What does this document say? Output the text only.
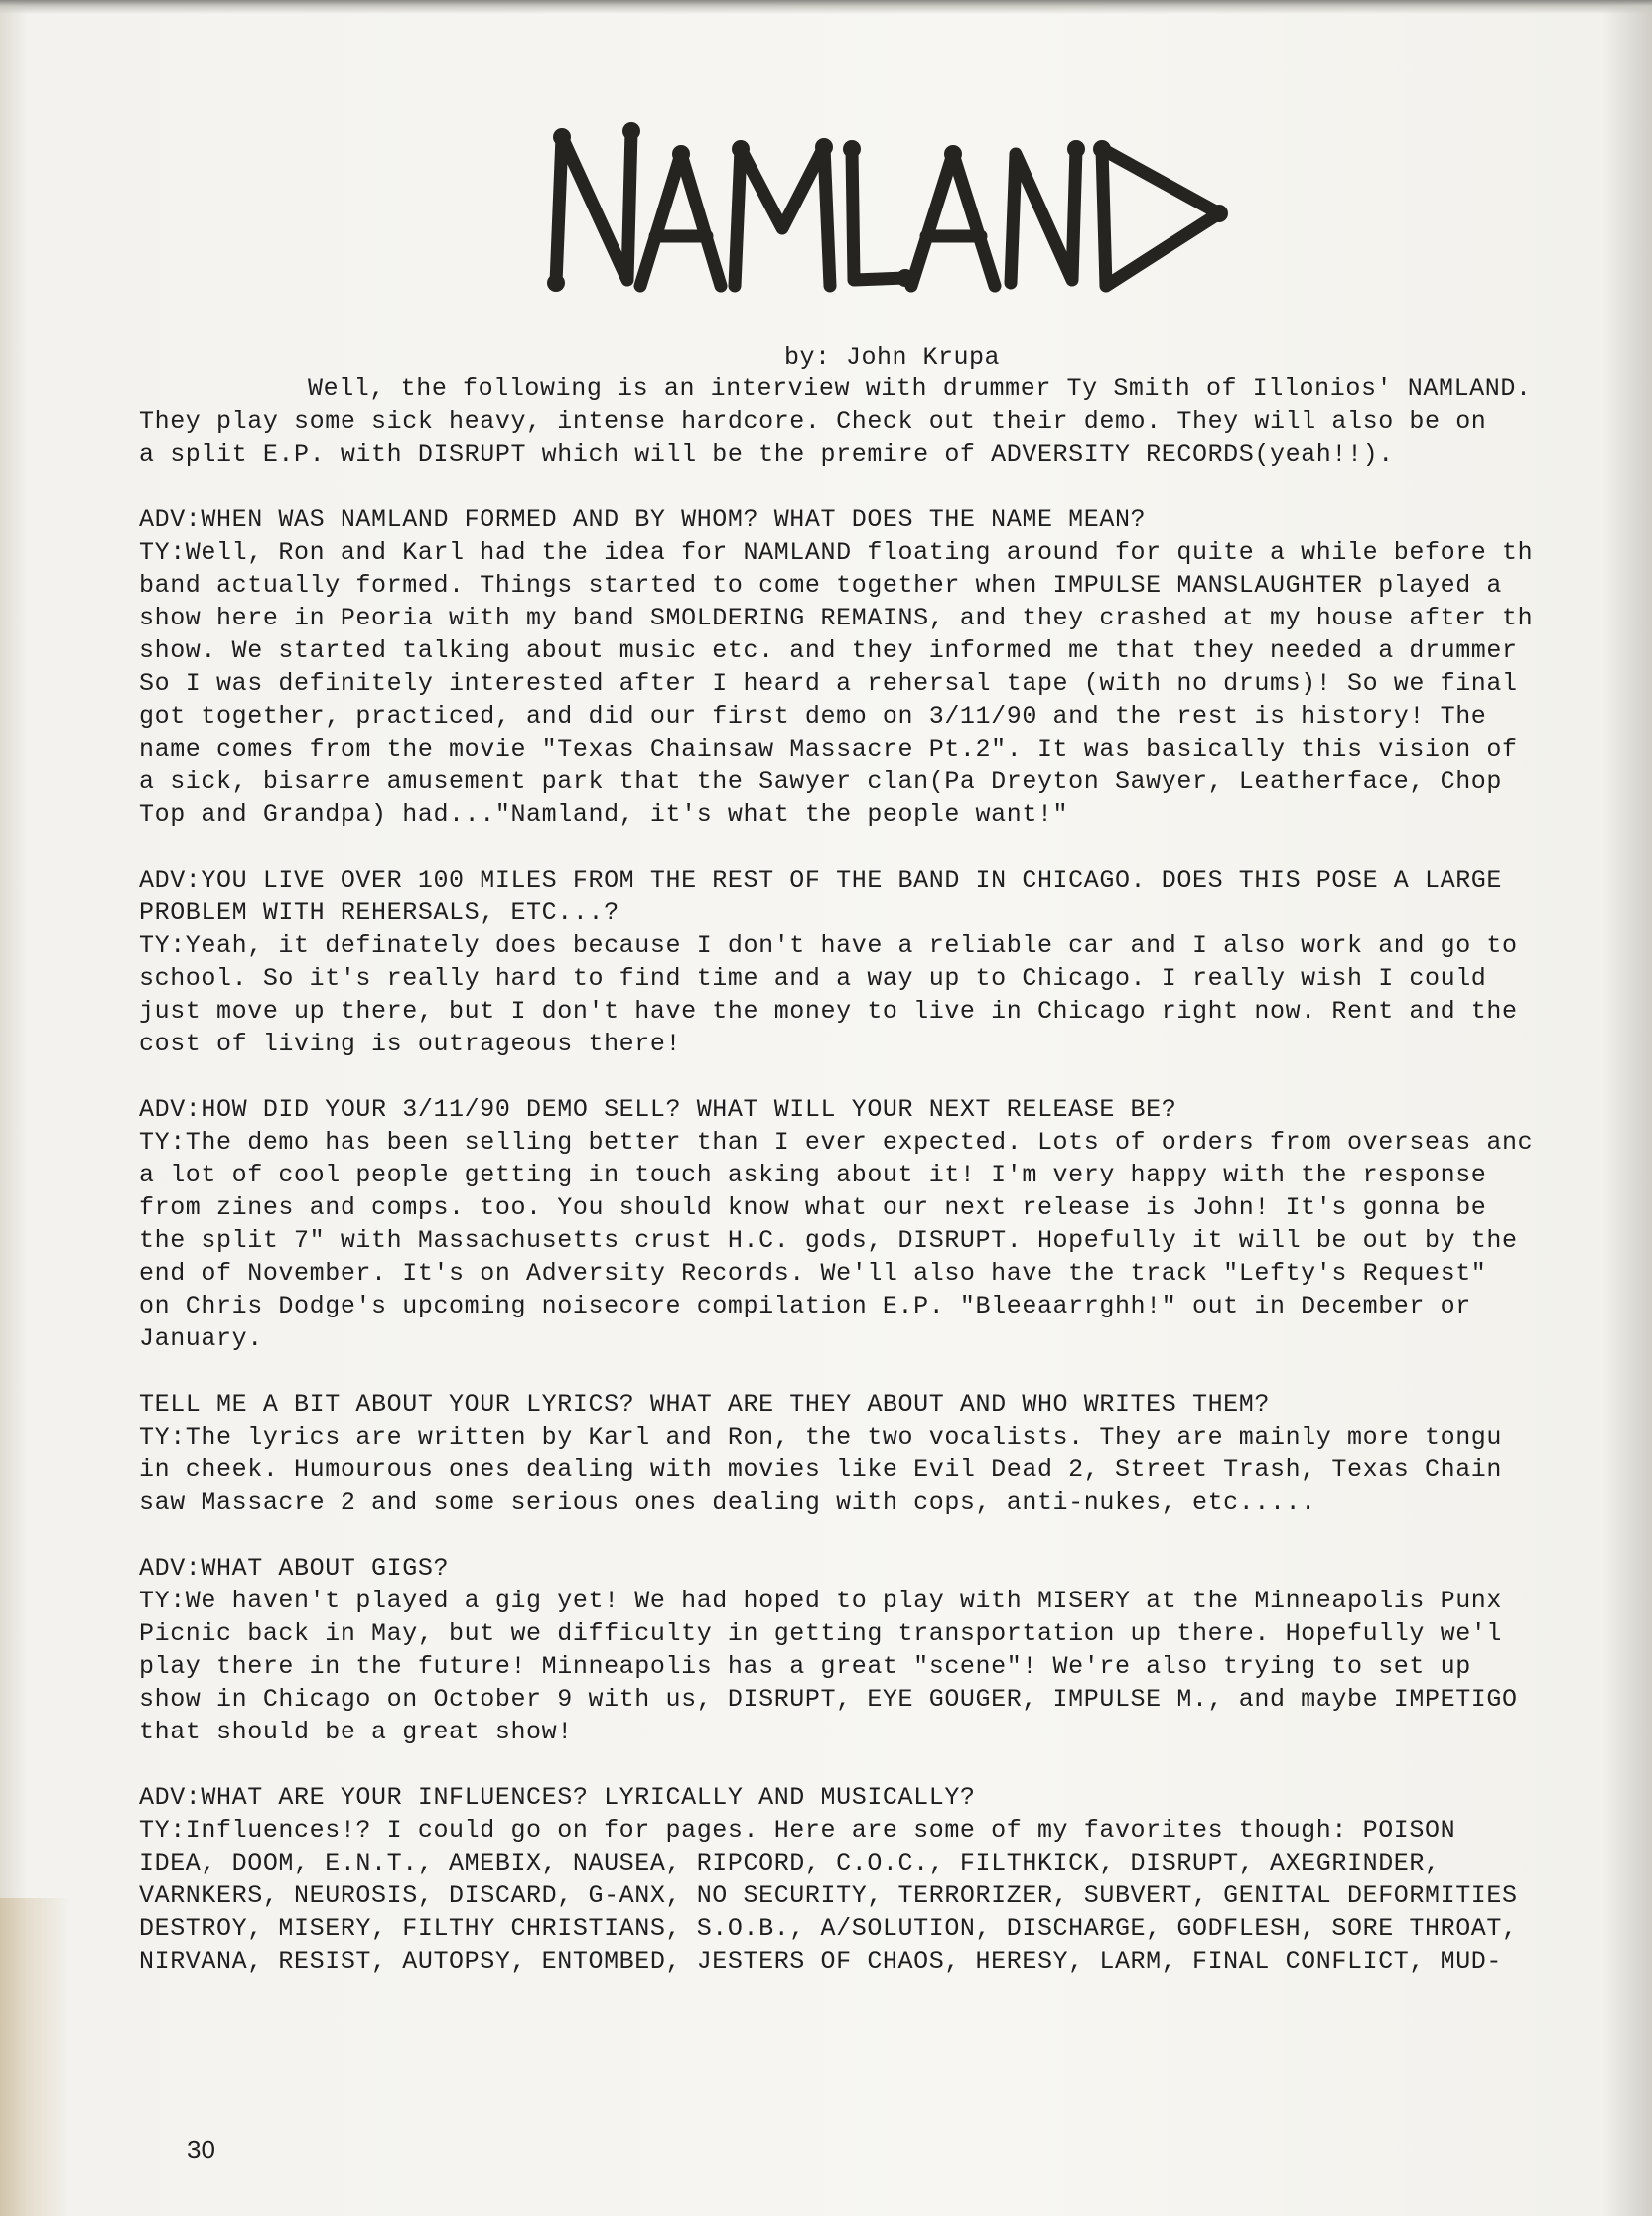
by: John Krupa
Well, the following is an interview with drummer Ty Smith of Illonios' NAMLAND.
They play some sick heavy, intense hardcore. Check out their demo. They will also be on
a split E.P. with DISRUPT which will be the premire of ADVERSITY RECORDS(yeah!!).
ADV:WHEN WAS NAMLAND FORMED AND BY WHOM? WHAT DOES THE NAME MEAN?
TY:Well, Ron and Karl had the idea for NAMLAND floating around for quite a while before th
band actually formed. Things started to come together when IMPULSE MANSLAUGHTER played a
show here in Peoria with my band SMOLDERING REMAINS, and they crashed at my house after th
show. We started talking about music etc. and they informed me that they needed a drummer
So I was definitely interested after I heard a rehersal tape (with no drums)! So we final
got together, practiced, and did our first demo on 3/11/90 and the rest is history! The
name comes from the movie "Texas Chainsaw Massacre Pt.2". It was basically this vision of
a sick, bisarre amusement park that the Sawyer clan(Pa Dreyton Sawyer, Leatherface, Chop
Top and Grandpa) had..."Namland, it's what the people want!"
ADV:YOU LIVE OVER 100 MILES FROM THE REST OF THE BAND IN CHICAGO. DOES THIS POSE A LARGE
PROBLEM WITH REHERSALS, ETC...?
TY:Yeah, it definately does because I don't have a reliable car and I also work and go to
school. So it's really hard to find time and a way up to Chicago. I really wish I could
just move up there, but I don't have the money to live in Chicago right now. Rent and the
cost of living is outrageous there!
ADV:HOW DID YOUR 3/11/90 DEMO SELL? WHAT WILL YOUR NEXT RELEASE BE?
TY:The demo has been selling better than I ever expected. Lots of orders from overseas anc
a lot of cool people getting in touch asking about it! I'm very happy with the response
from zines and comps. too. You should know what our next release is John! It's gonna be
the split 7" with Massachusetts crust H.C. gods, DISRUPT. Hopefully it will be out by the
end of November. It's on Adversity Records. We'll also have the track "Lefty's Request"
on Chris Dodge's upcoming noisecore compilation E.P. "Bleeaarrghh!" out in December or
January.
TELL ME A BIT ABOUT YOUR LYRICS? WHAT ARE THEY ABOUT AND WHO WRITES THEM?
TY:The lyrics are written by Karl and Ron, the two vocalists. They are mainly more tongu
in cheek. Humourous ones dealing with movies like Evil Dead 2, Street Trash, Texas Chain
saw Massacre 2 and some serious ones dealing with cops, anti-nukes, etc.....
ADV:WHAT ABOUT GIGS?
TY:We haven't played a gig yet! We had hoped to play with MISERY at the Minneapolis Punx
Picnic back in May, but we difficulty in getting transportation up there. Hopefully we'l
play there in the future! Minneapolis has a great "scene"! We're also trying to set up
show in Chicago on October 9 with us, DISRUPT, EYE GOUGER, IMPULSE M., and maybe IMPETIGO
that should be a great show!
ADV:WHAT ARE YOUR INFLUENCES? LYRICALLY AND MUSICALLY?
TY:Influences!? I could go on for pages. Here are some of my favorites though: POISON
IDEA, DOOM, E.N.T., AMEBIX, NAUSEA, RIPCORD, C.O.C., FILTHKICK, DISRUPT, AXEGRINDER,
VARNKERS, NEUROSIS, DISCARD, G-ANX, NO SECURITY, TERRORIZER, SUBVERT, GENITAL DEFORMITIES
DESTROY, MISERY, FILTHY CHRISTIANS, S.O.B., A/SOLUTION, DISCHARGE, GODFLESH, SORE THROAT,
NIRVANA, RESIST, AUTOPSY, ENTOMBED, JESTERS OF CHAOS, HERESY, LARM, FINAL CONFLICT, MUD-
30
